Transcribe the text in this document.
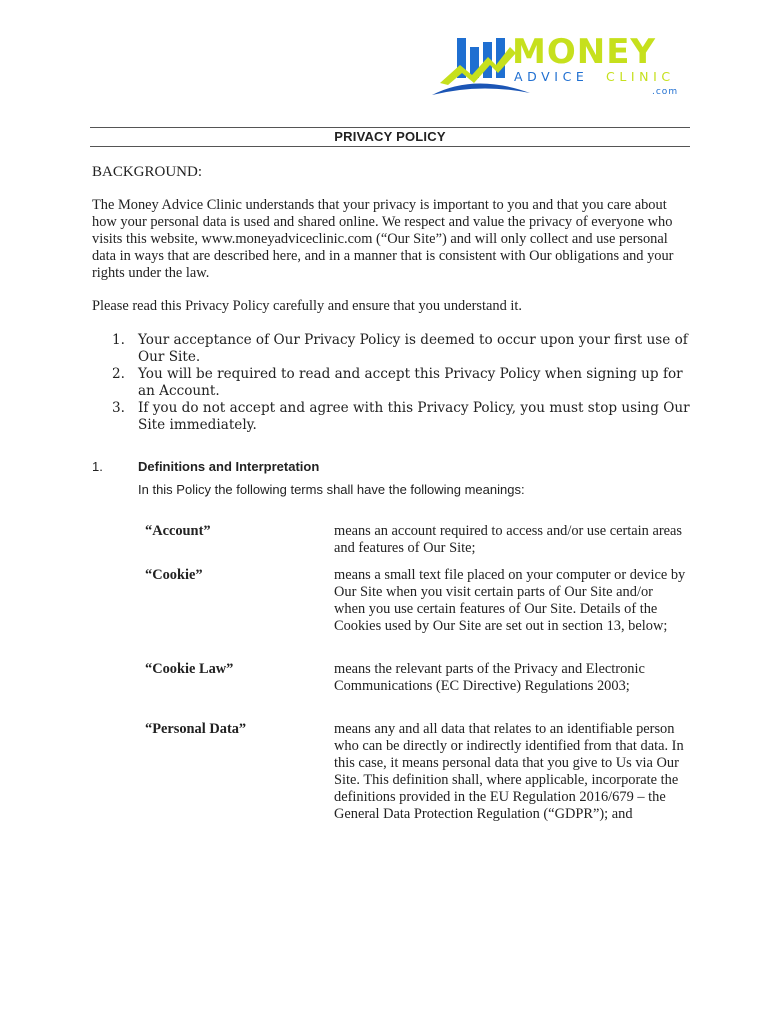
MONEY
ADVICE CLINIC
.com
PRIVACY POLICY
BACKGROUND:
The Money Advice Clinic understands that your privacy is important to you and that you care about how your personal data is used and shared online. We respect and value the privacy of everyone who visits this website, www.moneyadviceclinic.com (“Our Site”) and will only collect and use personal data in ways that are described here, and in a manner that is consistent with Our obligations and your rights under the law.
Please read this Privacy Policy carefully and ensure that you understand it.
1. Your acceptance of Our Privacy Policy is deemed to occur upon your first use of Our Site.
2. You will be required to read and accept this Privacy Policy when signing up for an Account.
3. If you do not accept and agree with this Privacy Policy, you must stop using Our Site immediately.
1.	Definitions and Interpretation
In this Policy the following terms shall have the following meanings:
“Account”	means an account required to access and/or use certain areas and features of Our Site;
“Cookie”	means a small text file placed on your computer or device by Our Site when you visit certain parts of Our Site and/or when you use certain features of Our Site. Details of the Cookies used by Our Site are set out in section 13, below;
“Cookie Law”	means the relevant parts of the Privacy and Electronic Communications (EC Directive) Regulations 2003;
“Personal Data”	means any and all data that relates to an identifiable person who can be directly or indirectly identified from that data. In this case, it means personal data that you give to Us via Our Site. This definition shall, where applicable, incorporate the definitions provided in the EU Regulation 2016/679 – the General Data Protection Regulation (“GDPR”); and
